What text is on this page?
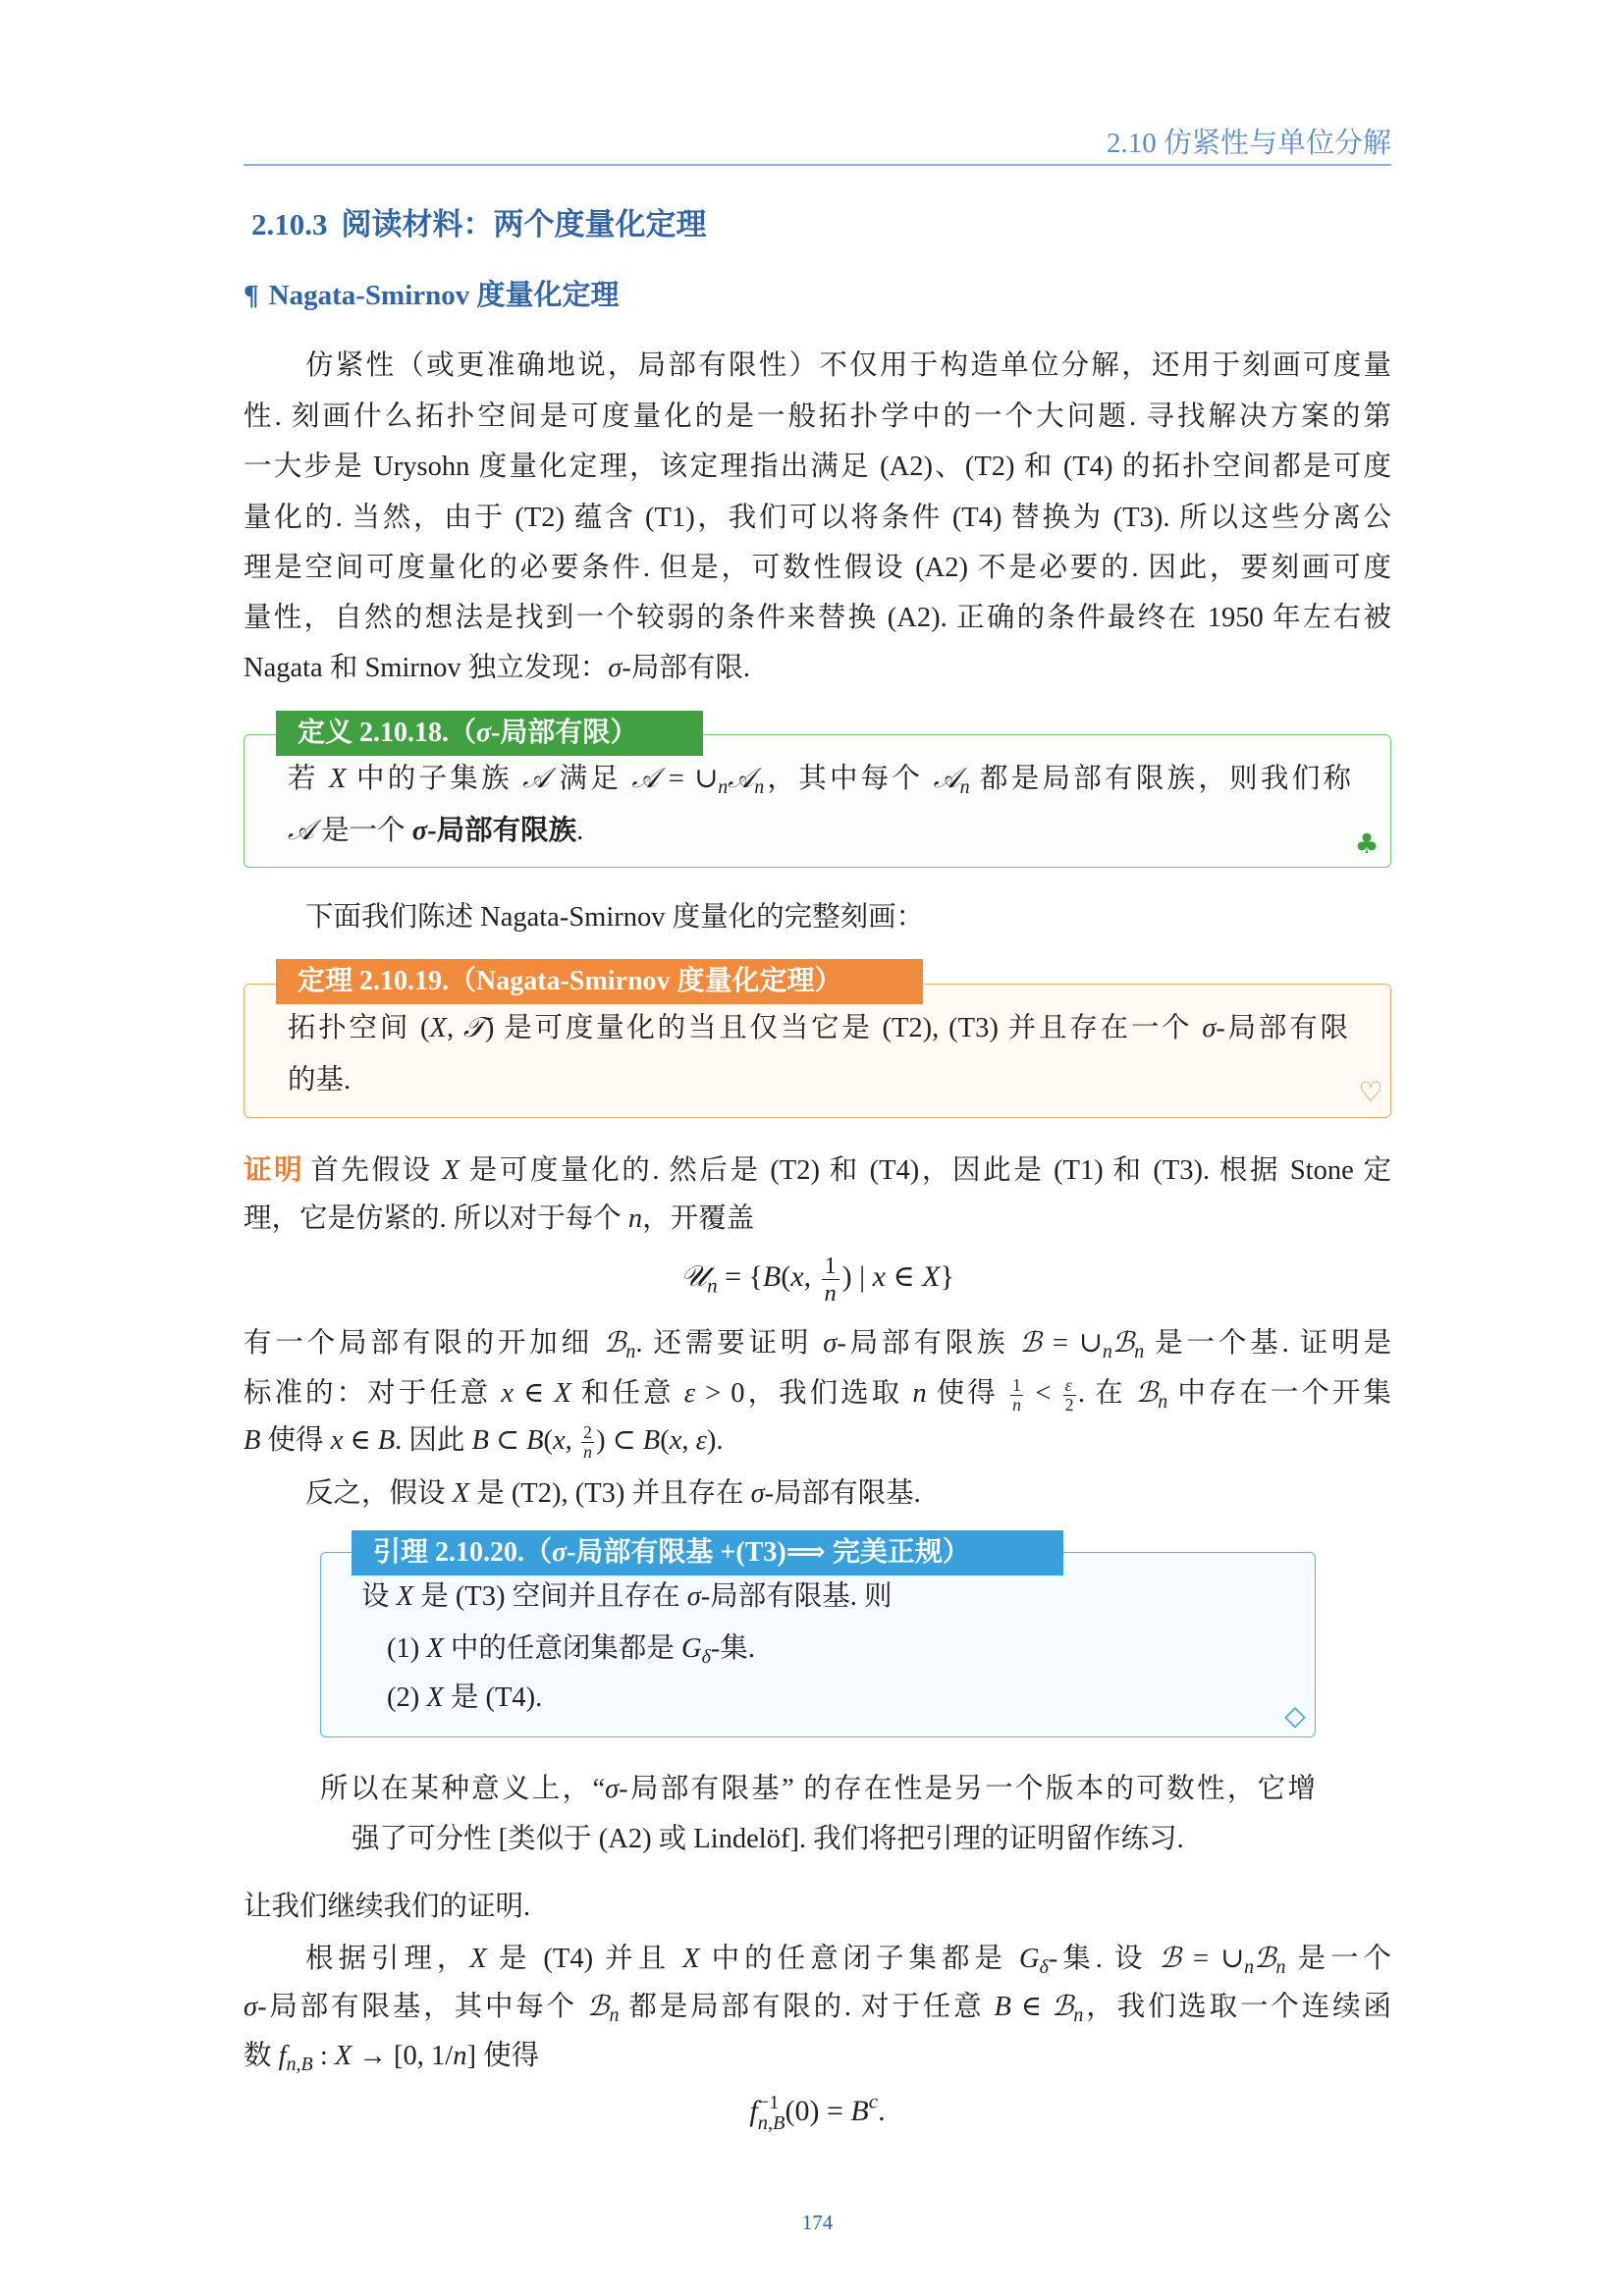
2.10 仿紧性与单位分解
2.10.3 阅读材料：两个度量化定理
¶ Nagata-Smirnov 度量化定理
仿紧性（或更准确地说，局部有限性）不仅用于构造单位分解，还用于刻画可度量
性. 刻画什么拓扑空间是可度量化的是一般拓扑学中的一个大问题. 寻找解决方案的第
一大步是 Urysohn 度量化定理，该定理指出满足 (A2)、(T2) 和 (T4) 的拓扑空间都是可度
量化的. 当然，由于 (T2) 蕴含 (T1)，我们可以将条件 (T4) 替换为 (T3). 所以这些分离公
理是空间可度量化的必要条件. 但是，可数性假设 (A2) 不是必要的. 因此，要刻画可度
量性，自然的想法是找到一个较弱的条件来替换 (A2). 正确的条件最终在 1950 年左右被
Nagata 和 Smirnov 独立发现：σ-局部有限.
定义 2.10.18.（σ-局部有限）
若 X 中的子集族 𝒜 满足 𝒜 = $\cup_n𝒜_n$，其中每个 𝒜$_n$ 都是局部有限族，则我们称
𝒜 是一个 σ-局部有限族.	♣
下面我们陈述 Nagata-Smirnov 度量化的完整刻画：
定理 2.10.19.（Nagata-Smirnov 度量化定理）
拓扑空间 (X, 𝒯) 是可度量化的当且仅当它是 (T2), (T3) 并且存在一个 σ-局部有限
的基.	♡
证明 首先假设 X 是可度量化的. 然后是 (T2) 和 (T4)，因此是 (T1) 和 (T3). 根据 Stone 定
理，它是仿紧的. 所以对于每个 n，开覆盖
𝒰$_n$ = {B(x, $\frac{1}{n}$ ) | x ∈ X}
有一个局部有限的开加细 ℬ$_n$. 还需要证明 σ-局部有限族 ℬ = $\cup_nℬ_n$ 是一个基. 证明是
标准的：对于任意 x ∈ X 和任意 ε > 0，我们选取 n 使得 $\frac{1}{n} < \frac{\varepsilon}{2}$ . 在 ℬ$_n$ 中存在一个开集
B 使得 x ∈ B. 因此 B ⊂ B(x, $\frac{2}{n}$ ) ⊂ B(x, ε).
反之，假设 X 是 (T2), (T3) 并且存在 σ-局部有限基.
引理 2.10.20.（σ-局部有限基 +(T3)⟹ 完美正规）
设 X 是 (T3) 空间并且存在 σ-局部有限基. 则
(1) X 中的任意闭集都是 $G_\delta-$集.
(2) X 是 (T4).
◇
所以在某种意义上，“σ-局部有限基” 的存在性是另一个版本的可数性，它增
强了可分性 [类似于 (A2) 或 Lindelöf]. 我们将把引理的证明留作练习.
让我们继续我们的证明.
根据引理，X 是 (T4) 并且 X 中的任意闭子集都是 $G_\delta-$集. 设 ℬ = $\cup_nℬ_n$ 是一个
σ-局部有限基，其中每个 ℬ$_n$ 都是局部有限的. 对于任意 B ∈ ℬ$_n$，我们选取一个连续函
数 $f_{n,B}$ : X → [0, 1/n] 使得
f −1
n,B $(0) = B^c$.
174
